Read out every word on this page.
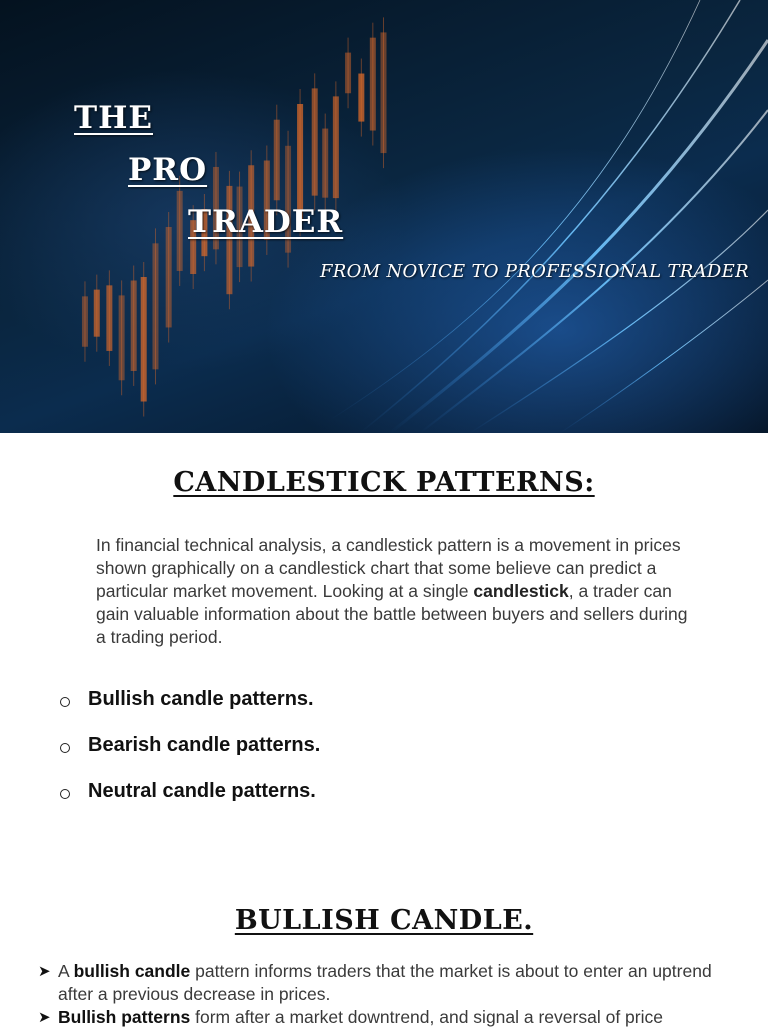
THE
PRO
TRADER
FROM NOVICE TO PROFESSIONAL TRADER
CANDLESTICK PATTERNS:

In financial technical analysis, a candlestick pattern is a movement in prices shown graphically on a candlestick chart that some believe can predict a particular market movement. Looking at a single candlestick, a trader can gain valuable information about the battle between buyers and sellers during a trading period.

Bullish candle patterns.
Bearish candle patterns.
Neutral candle patterns.
BULLISH CANDLE.
➤ A bullish candle pattern informs traders that the market is about to enter an uptrend after a previous decrease in prices.
➤ Bullish patterns form after a market downtrend, and signal a reversal of price
